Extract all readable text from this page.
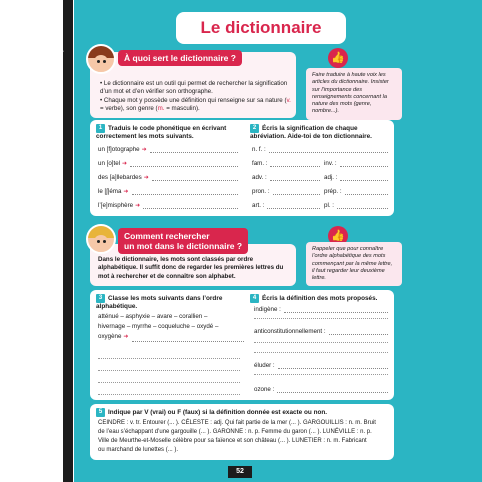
Lexique
Le dictionnaire
À quoi sert le dictionnaire ?
• Le dictionnaire est un outil qui permet de rechercher la signification d’un mot et d’en vérifier son orthographe.
• Chaque mot y possède une définition qui renseigne sur sa nature (v. = verbe), son genre (m. = masculin).
👍
Faire traduire à haute voix les articles du dictionnaire. Insister sur l’importance des renseignements concernant la nature des mots (genre, nombre...).
1 Traduis le code phonétique en écrivant correctement les mots suivants.
un [f]otographe ➜
un [o]tel ➜
des [a]llebardes ➜
le [ʃ]éma ➜
l’[e]misphère ➜
2 Écris la signification de chaque abréviation. Aide-toi de ton dictionnaire.
n. f. :
fam. :	inv. :
adv. :	adj. :
pron. :	prép. :
art. :	pl. :
Comment rechercher
un mot dans le dictionnaire ?
Dans le dictionnaire, les mots sont classés par ordre alphabétique. Il suffit donc de regarder les premières lettres du mot à rechercher et de connaître son alphabet.
👍
Rappeler que pour connaître l’ordre alphabétique des mots commençant par la même lettre, il faut regarder leur deuxième lettre.
3 Classe les mots suivants dans l’ordre alphabétique.
atténué – asphyxie – avare – corallien –
hivernage – myrrhe – coqueluche – oxydé –
oxygène ➜
4 Écris la définition des mots proposés.
indigène :
anticonstitutionnellement :
éluder :
ozone :
5 Indique par V (vrai) ou F (faux) si la définition donnée est exacte ou non.
CEINDRE : v. tr. Entourer (... ). CÉLESTE : adj. Qui fait partie de la mer (... ). GARGOUILLIS : n. m. Bruit
de l’eau s’échappant d’une gargouille (... ). GARONNE : n. p. Femme du garon (... ). LUNÉVILLE : n. p.
Ville de Meurthe-et-Moselle célèbre pour sa faïence et son château (... ). LUNETIER : n. m. Fabricant
ou marchand de lunettes (... ).
52
